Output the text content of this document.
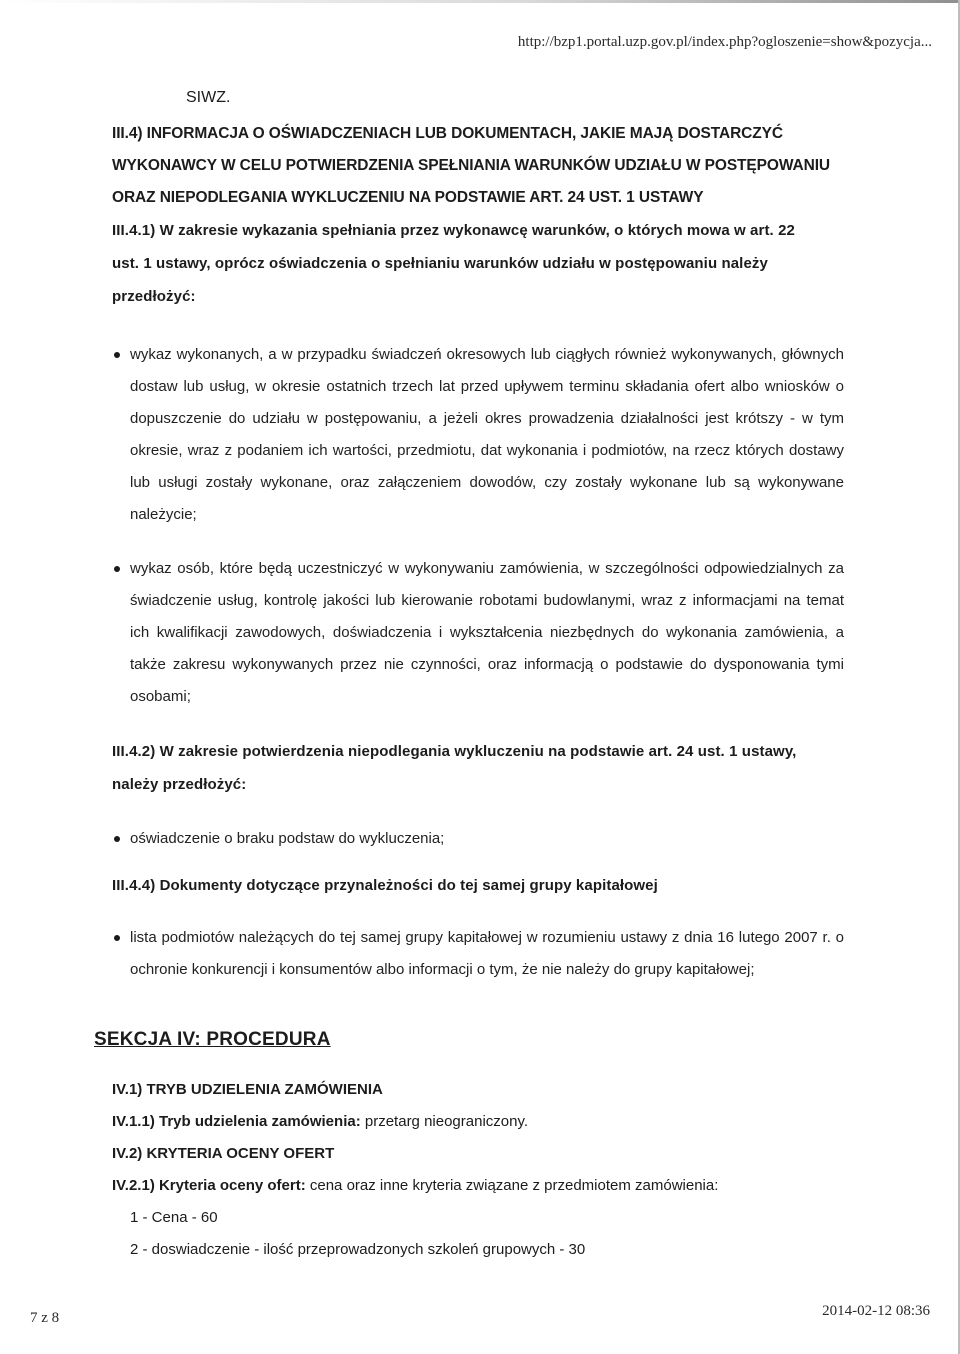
http://bzp1.portal.uzp.gov.pl/index.php?ogloszenie=show&pozycja...
SIWZ.
III.4) INFORMACJA O OŚWIADCZENIACH LUB DOKUMENTACH, JAKIE MAJĄ DOSTARCZYĆ
WYKONAWCY W CELU POTWIERDZENIA SPEŁNIANIA WARUNKÓW UDZIAŁU W POSTĘPOWANIU
ORAZ NIEPODLEGANIA WYKLUCZENIU NA PODSTAWIE ART. 24 UST. 1 USTAWY
III.4.1) W zakresie wykazania spełniania przez wykonawcę warunków, o których mowa w art. 22
ust. 1 ustawy, oprócz oświadczenia o spełnianiu warunków udziału w postępowaniu należy
przedłożyć:
wykaz wykonanych, a w przypadku świadczeń okresowych lub ciągłych również wykonywanych, głównych dostaw lub usług, w okresie ostatnich trzech lat przed upływem terminu składania ofert albo wniosków o dopuszczenie do udziału w postępowaniu, a jeżeli okres prowadzenia działalności jest krótszy - w tym okresie, wraz z podaniem ich wartości, przedmiotu, dat wykonania i podmiotów, na rzecz których dostawy lub usługi zostały wykonane, oraz załączeniem dowodów, czy zostały wykonane lub są wykonywane należycie;
wykaz osób, które będą uczestniczyć w wykonywaniu zamówienia, w szczególności odpowiedzialnych za świadczenie usług, kontrolę jakości lub kierowanie robotami budowlanymi, wraz z informacjami na temat ich kwalifikacji zawodowych, doświadczenia i wykształcenia niezbędnych do wykonania zamówienia, a także zakresu wykonywanych przez nie czynności, oraz informacją o podstawie do dysponowania tymi osobami;
III.4.2) W zakresie potwierdzenia niepodlegania wykluczeniu na podstawie art. 24 ust. 1 ustawy,
należy przedłożyć:
oświadczenie o braku podstaw do wykluczenia;
III.4.4) Dokumenty dotyczące przynależności do tej samej grupy kapitałowej
lista podmiotów należących do tej samej grupy kapitałowej w rozumieniu ustawy z dnia 16 lutego 2007 r. o ochronie konkurencji i konsumentów albo informacji o tym, że nie należy do grupy kapitałowej;
SEKCJA IV: PROCEDURA
IV.1) TRYB UDZIELENIA ZAMÓWIENIA
IV.1.1) Tryb udzielenia zamówienia: przetarg nieograniczony.
IV.2) KRYTERIA OCENY OFERT
IV.2.1) Kryteria oceny ofert: cena oraz inne kryteria związane z przedmiotem zamówienia:
1 - Cena - 60
2 - doswiadczenie - ilość przeprowadzonych szkoleń grupowych - 30
7 z 8	2014-02-12 08:36
